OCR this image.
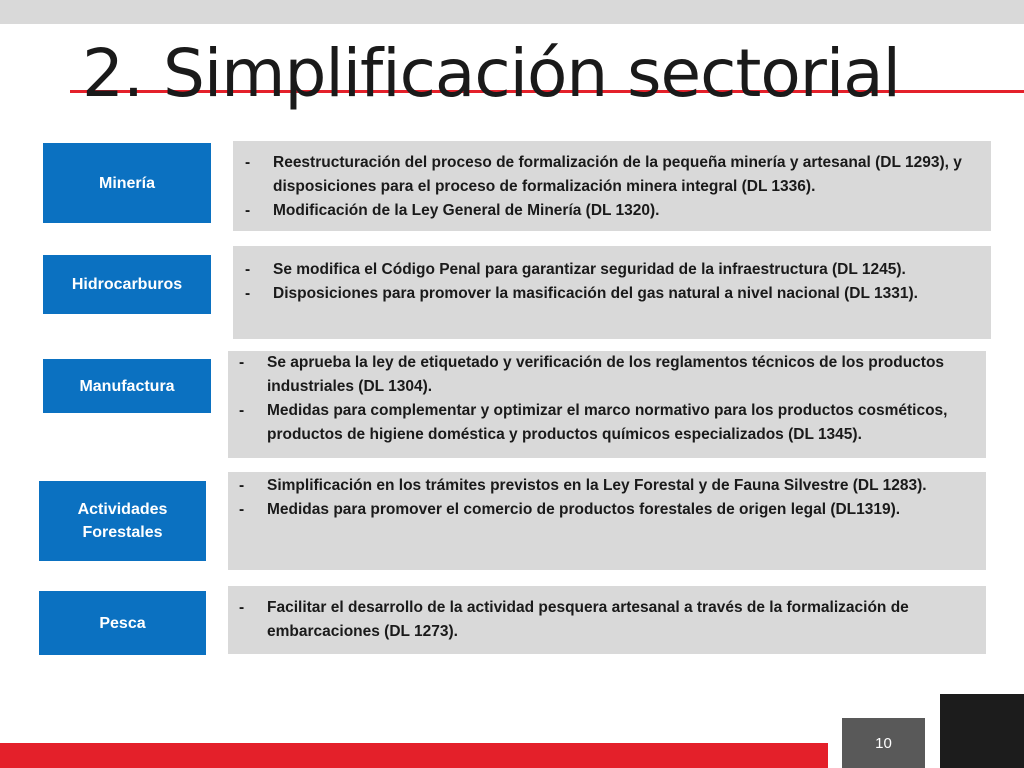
2. Simplificación sectorial
Minería
- Reestructuración del proceso de formalización de la pequeña minería y artesanal (DL 1293), y disposiciones para el proceso de formalización minera integral (DL 1336).
- Modificación de la Ley General de Minería (DL 1320).
Hidrocarburos
- Se modifica el Código Penal para garantizar seguridad de la infraestructura (DL 1245).
- Disposiciones para promover la masificación del gas natural a nivel nacional (DL 1331).
Manufactura
- Se aprueba la ley de etiquetado y verificación de los reglamentos técnicos de los productos industriales (DL 1304).
- Medidas para complementar y optimizar el marco normativo para los productos cosméticos, productos de higiene doméstica y productos químicos especializados (DL 1345).
Actividades Forestales
- Simplificación en los trámites previstos en la Ley Forestal y de Fauna Silvestre (DL 1283).
- Medidas para promover el comercio de productos forestales de origen legal (DL1319).
Pesca
- Facilitar el desarrollo de la actividad pesquera artesanal a través de la formalización de embarcaciones (DL 1273).
10
